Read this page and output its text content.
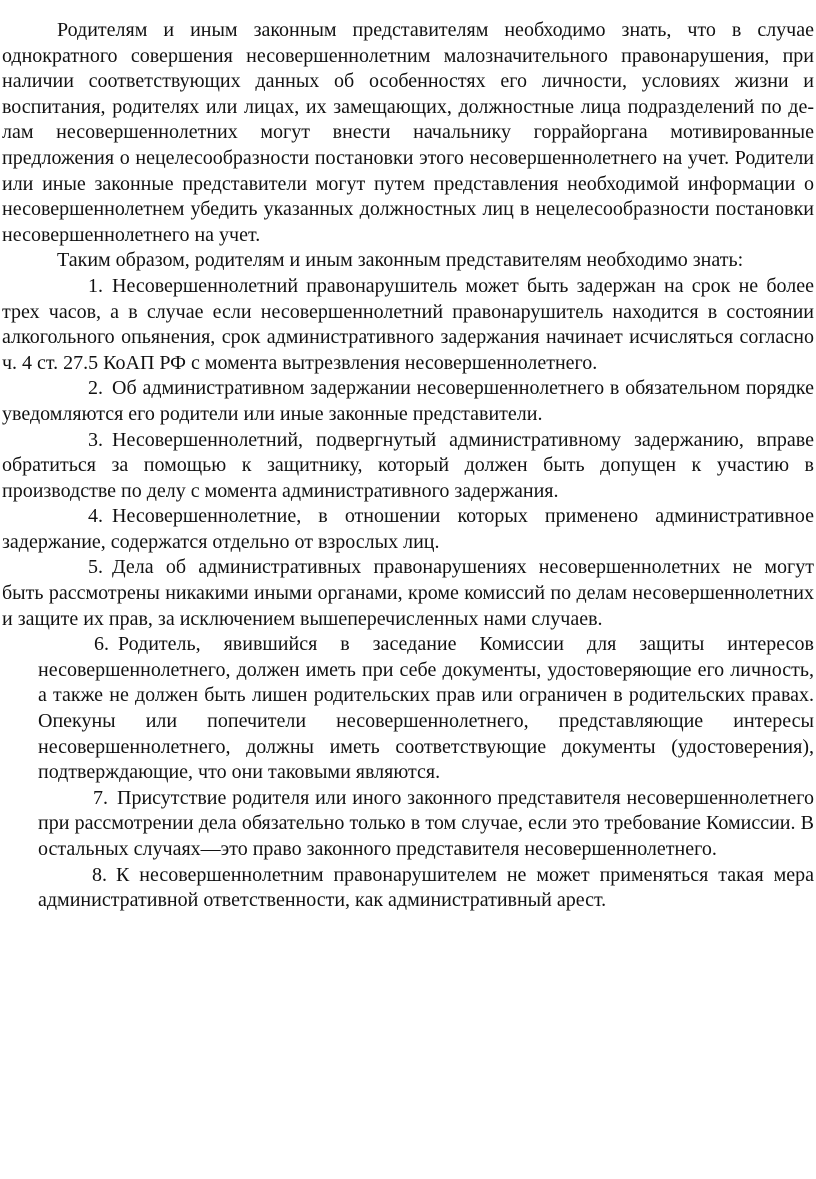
Родителям и иным законным представителям необходимо знать, что в случае однократного совершения несовершеннолетним малозначительного правонарушения, при наличии соответствующих данных об особенностях его личности, условиях жизни и воспитания, родителях или лицах, их замещающих, должностные лица подразделений по де-лам несовершеннолетних могут внести начальнику горрайоргана мотивированные предложения о нецелесообразности постановки этого несовершеннолетнего на учет. Родители или иные законные представители могут путем представления необходимой информации о несовершеннолетнем убедить указанных должностных лиц в нецелесообразности постановки несовершеннолетнего на учет.

Таким образом, родителям и иным законным представителям необходимо знать:

1. Несовершеннолетний правонарушитель может быть задержан на срок не более трех часов, а в случае если несовершеннолетний правонарушитель находится в состоянии алкогольного опьянения, срок административного задержания начинает исчисляться согласно ч. 4 ст. 27.5 КоАП РФ с момента вытрезвления несовершеннолетнего.

2. Об административном задержании несовершеннолетнего в обязательном порядке уведомляются его родители или иные законные представители.

3. Несовершеннолетний, подвергнутый административному задержанию, вправе обратиться за помощью к защитнику, который должен быть допущен к участию в производстве по делу с момента административного задержания.

4. Несовершеннолетние, в отношении которых применено административное задержание, содержатся отдельно от взрослых лиц.

5. Дела об административных правонарушениях несовершеннолетних не могут быть рассмотрены никакими иными органами, кроме комиссий по делам несовершеннолетних и защите их прав, за исключением вышеперечисленных нами случаев.

6. Родитель, явившийся в заседание Комиссии для защиты интересов несовершеннолетнего, должен иметь при себе документы, удостоверяющие его личность, а также не должен быть лишен родительских прав или ограничен в родительских правах. Опекуны или попечители несовершеннолетнего, представляющие интересы несовершеннолетнего, должны иметь соответствующие документы (удостоверения), подтверждающие, что они таковыми являются.

7. Присутствие родителя или иного законного представителя несовершеннолетнего при рассмотрении дела обязательно только в том случае, если это требование Комиссии. В остальных случаях—это право законного представителя несовершеннолетнего.

8. К несовершеннолетним правонарушителем не может применяться такая мера административной ответственности, как административный арест.
